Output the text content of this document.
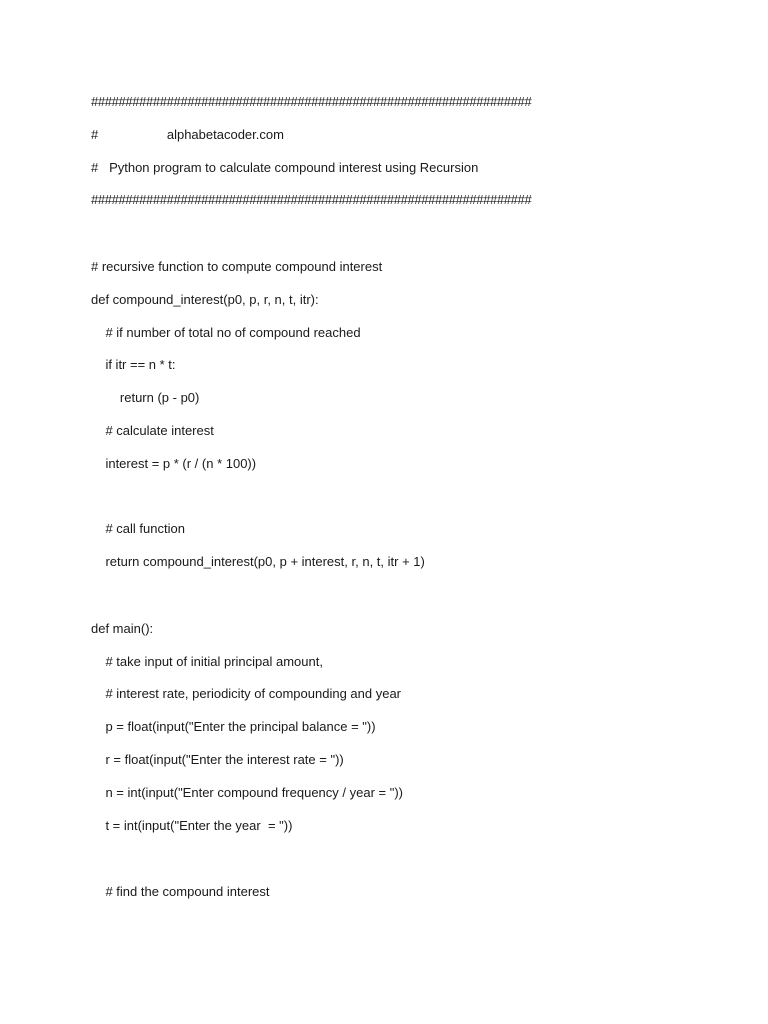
################################################################
#                   alphabetacoder.com
#   Python program to calculate compound interest using Recursion
################################################################
# recursive function to compute compound interest
def compound_interest(p0, p, r, n, t, itr):
# if number of total no of compound reached
if itr == n * t:
return (p - p0)
# calculate interest
interest = p * (r / (n * 100))
# call function
return compound_interest(p0, p + interest, r, n, t, itr + 1)
def main():
# take input of initial principal amount,
# interest rate, periodicity of compounding and year
p = float(input("Enter the principal balance = "))
r = float(input("Enter the interest rate = "))
n = int(input("Enter compound frequency / year = "))
t = int(input("Enter the year  = "))
# find the compound interest
